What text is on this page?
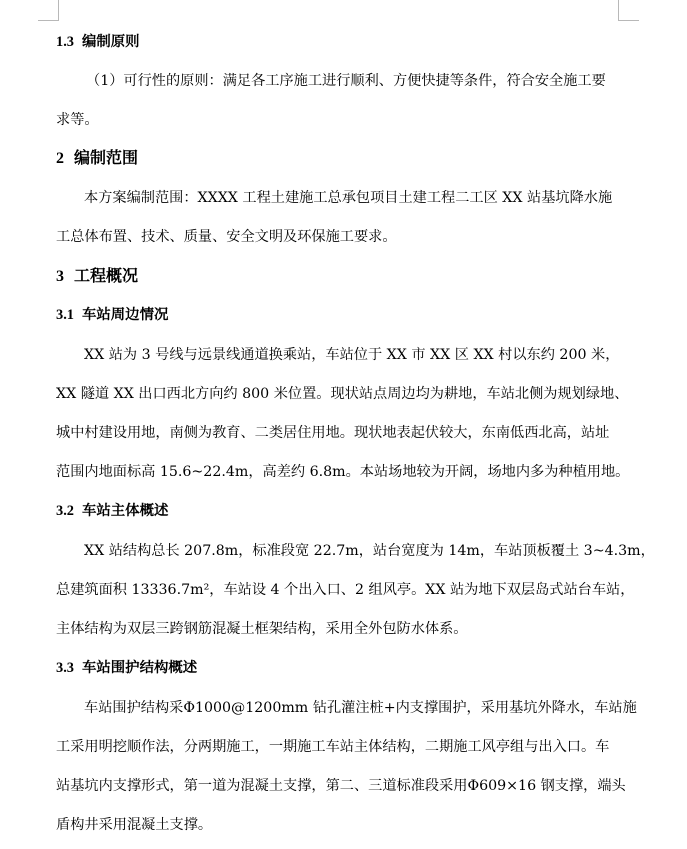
1.3 编制原则
（1）可行性的原则：满足各工序施工进行顺利、方便快捷等条件，符合安全施工要
求等。
2 编制范围
本方案编制范围：XXXX 工程土建施工总承包项目土建工程二工区 XX 站基坑降水施
工总体布置、技术、质量、安全文明及环保施工要求。
3 工程概况
3.1 车站周边情况
XX 站为 3 号线与远景线通道换乘站，车站位于 XX 市 XX 区 XX 村以东约 200 米，
XX 隧道 XX 出口西北方向约 800 米位置。现状站点周边均为耕地，车站北侧为规划绿地、
城中村建设用地，南侧为教育、二类居住用地。现状地表起伏较大，东南低西北高，站址
范围内地面标高 15.6~22.4m，高差约 6.8m。本站场地较为开阔，场地内多为种植用地。
3.2 车站主体概述
XX 站结构总长 207.8m，标准段宽 22.7m，站台宽度为 14m，车站顶板覆土 3~4.3m，
总建筑面积 13336.7m²，车站设 4 个出入口、2 组风亭。XX 站为地下双层岛式站台车站，
主体结构为双层三跨钢筋混凝土框架结构，采用全外包防水体系。
3.3 车站围护结构概述
车站围护结构采Φ1000@1200mm 钻孔灌注桩+内支撑围护，采用基坑外降水，车站施
工采用明挖顺作法，分两期施工，一期施工车站主体结构，二期施工风亭组与出入口。车
站基坑内支撑形式，第一道为混凝土支撑，第二、三道标准段采用Φ609×16 钢支撑，端头
盾构井采用混凝土支撑。
